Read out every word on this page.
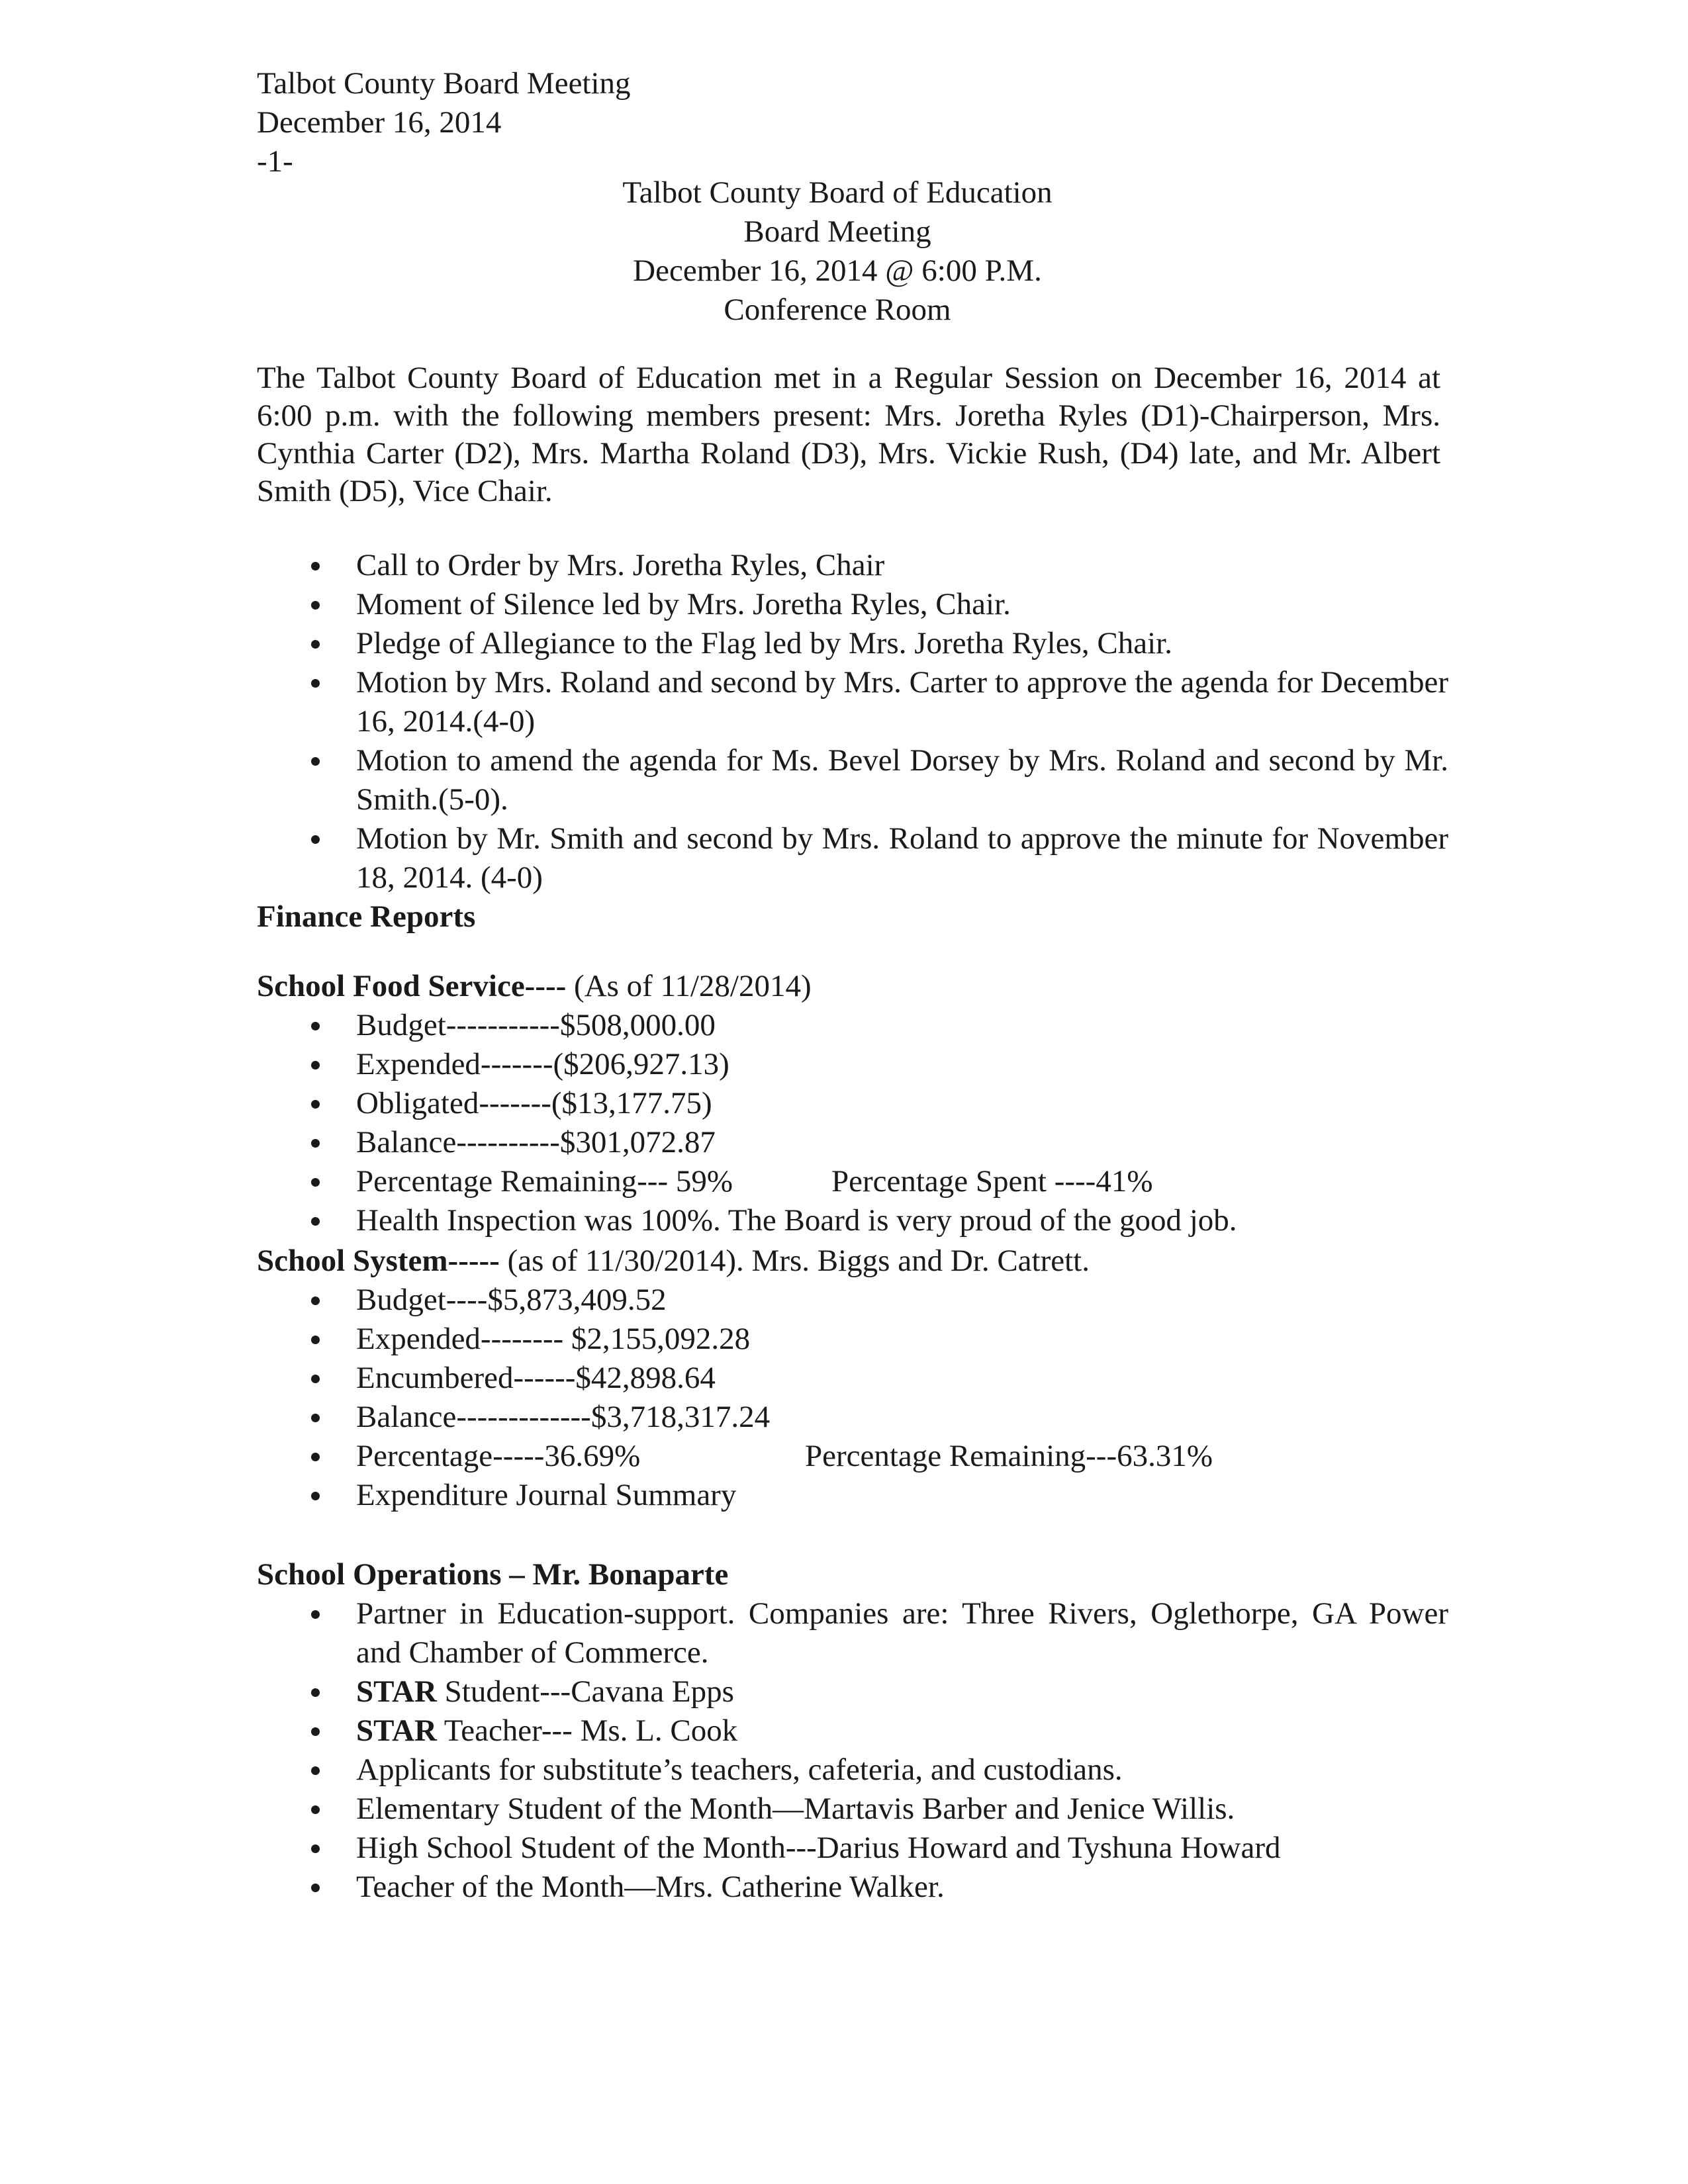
Talbot County Board Meeting
December 16, 2014
-1-
Talbot County Board of Education
Board Meeting
December 16, 2014 @ 6:00 P.M.
Conference Room
The Talbot County Board of Education met in a Regular Session on December 16, 2014 at 6:00 p.m. with the following members present: Mrs. Joretha Ryles (D1)-Chairperson, Mrs. Cynthia Carter (D2), Mrs. Martha Roland (D3), Mrs. Vickie Rush, (D4) late, and Mr. Albert Smith (D5), Vice Chair.
Call to Order by Mrs. Joretha Ryles, Chair
Moment of Silence led by Mrs. Joretha Ryles, Chair.
Pledge of Allegiance to the Flag led by Mrs. Joretha Ryles, Chair.
Motion by Mrs. Roland and second by Mrs. Carter to approve the agenda for December 16, 2014.(4-0)
Motion to amend the agenda for Ms. Bevel Dorsey by Mrs. Roland and second by Mr. Smith.(5-0).
Motion by Mr. Smith and second by Mrs. Roland to approve the minute for November 18, 2014. (4-0)
Finance Reports
School Food Service---- (As of 11/28/2014)
Budget-----------$508,000.00
Expended-------($206,927.13)
Obligated-------($13,177.75)
Balance----------$301,072.87
Percentage Remaining--- 59%	Percentage Spent ----41%
Health Inspection was 100%. The Board is very proud of the good job.
School System----- (as of 11/30/2014). Mrs. Biggs and Dr. Catrett.
Budget----$5,873,409.52
Expended-------- $2,155,092.28
Encumbered------$42,898.64
Balance-------------$3,718,317.24
Percentage-----36.69%	Percentage Remaining---63.31%
Expenditure Journal Summary
School Operations – Mr. Bonaparte
Partner in Education-support. Companies are: Three Rivers, Oglethorpe, GA Power and Chamber of Commerce.
STAR Student---Cavana Epps
STAR Teacher--- Ms. L. Cook
Applicants for substitute’s teachers, cafeteria, and custodians.
Elementary Student of the Month—Martavis Barber and Jenice Willis.
High School Student of the Month---Darius Howard and Tyshuna Howard
Teacher of the Month—Mrs. Catherine Walker.
